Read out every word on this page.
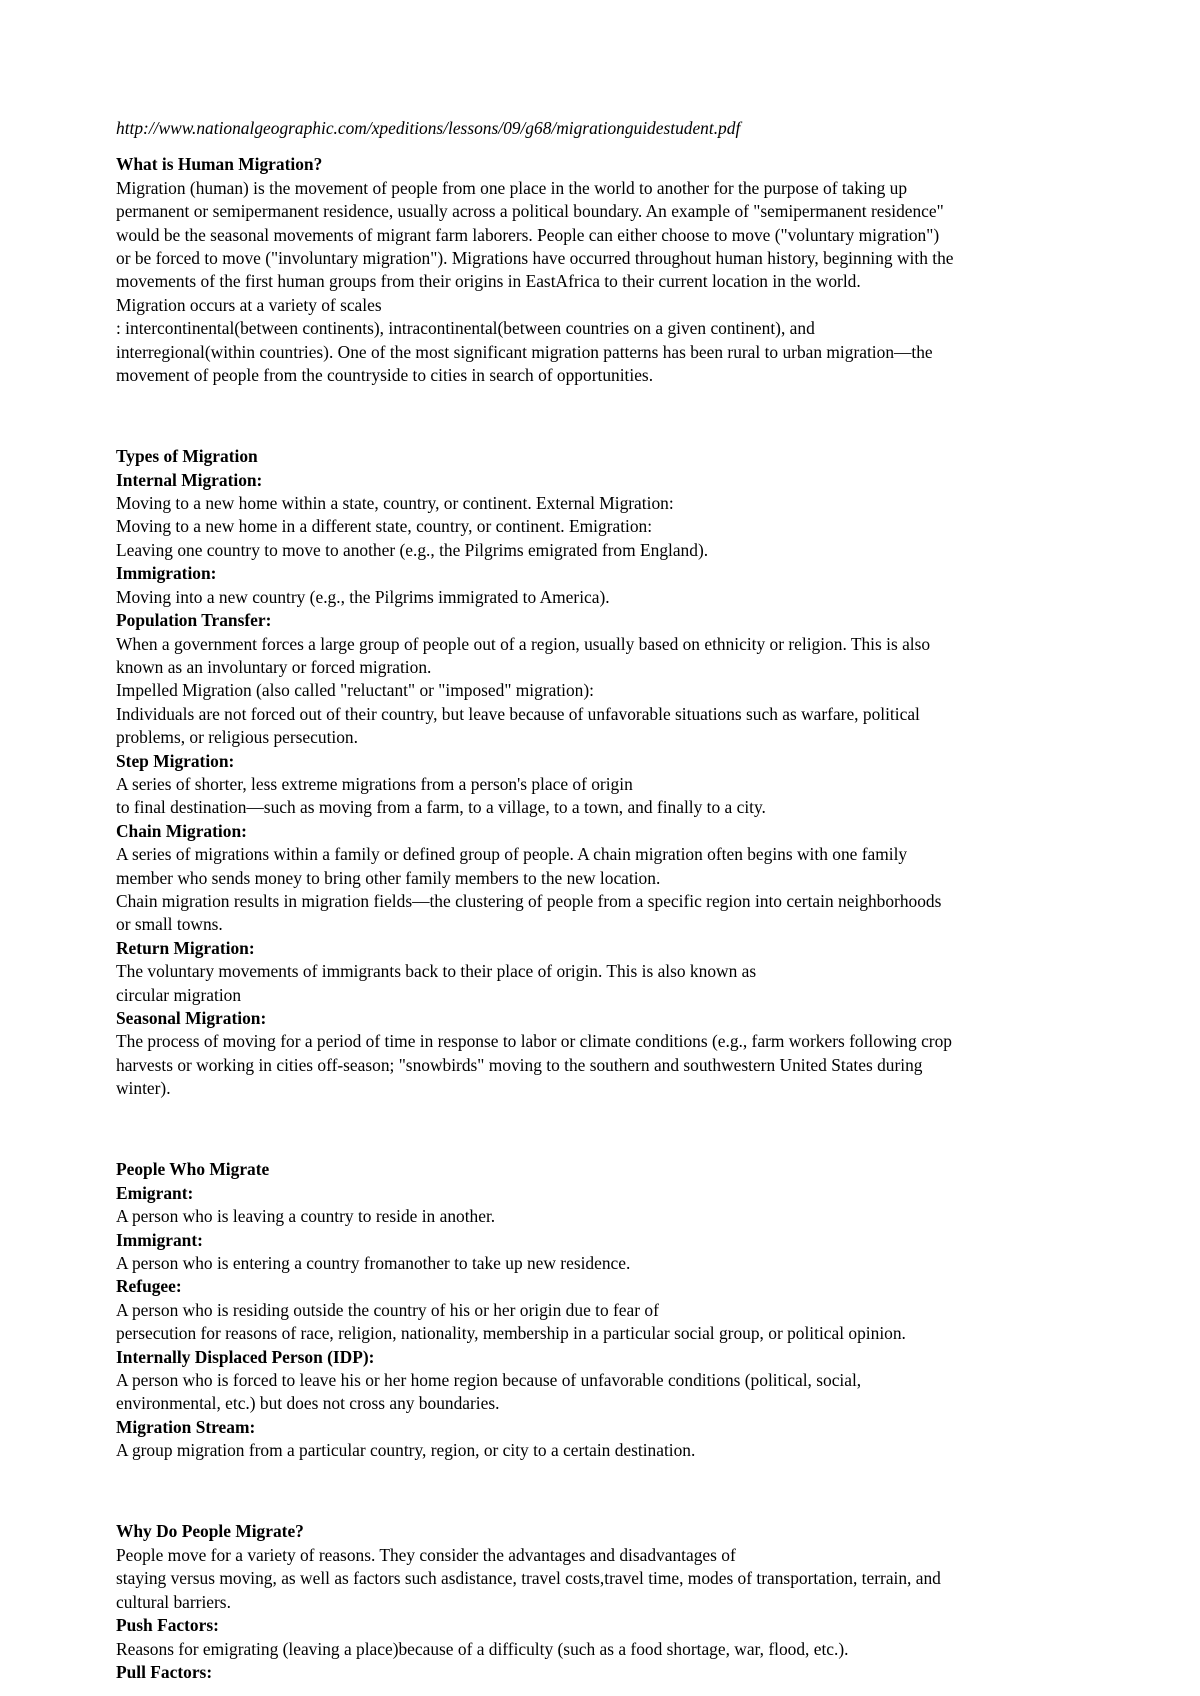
http://www.nationalgeographic.com/xpeditions/lessons/09/g68/migrationguidestudent.pdf

What is Human Migration?

Migration (human) is the movement of people from one place in the world to another for the purpose of taking up

permanent or semipermanent residence, usually across a political boundary. An example of "semipermanent residence"

would be the seasonal movements of migrant farm laborers. People can either choose to move ("voluntary migration")

or be forced to move ("involuntary migration"). Migrations have occurred throughout human history, beginning with the

movements of the first human groups from their origins in EastAfrica to their current location in the world.

Migration occurs at a variety of scales

: intercontinental(between continents), intracontinental(between countries on a given continent), and

interregional(within countries). One of the most significant migration patterns has been rural to urban migration—the

movement of people from the countryside to cities in search of opportunities.

Types of Migration

Internal Migration:

Moving to a new home within a state, country, or continent. External Migration:

Moving to a new home in a different state, country, or continent. Emigration:

Leaving one country to move to another (e.g., the Pilgrims emigrated from England).

Immigration:

Moving into a new country (e.g., the Pilgrims immigrated to America).

Population Transfer:

When a government forces a large group of people out of a region, usually based on ethnicity or religion. This is also

known as an involuntary or forced migration.

Impelled Migration (also called "reluctant" or "imposed" migration):

Individuals are not forced out of their country, but leave because of unfavorable situations such as warfare, political

problems, or religious persecution.

Step Migration:

A series of shorter, less extreme migrations from a person's place of origin

to final destination—such as moving from a farm, to a village, to a town, and finally to a city.

Chain Migration:

A series of migrations within a family or defined group of people. A chain migration often begins with one family

member who sends money to bring other family members to the new location.

Chain migration results in migration fields—the clustering of people from a specific region into certain neighborhoods

or small towns.

Return Migration:

The voluntary movements of immigrants back to their place of origin. This is also known as

circular migration

Seasonal Migration:

The process of moving for a period of time in response to labor or climate conditions (e.g., farm workers following crop

harvests or working in cities off-season; "snowbirds" moving to the southern and southwestern United States during

winter).

People Who Migrate

Emigrant:

A person who is leaving a country to reside in another.

Immigrant:

A person who is entering a country fromanother to take up new residence.

Refugee:

A person who is residing outside the country of his or her origin due to fear of

persecution for reasons of race, religion, nationality, membership in a particular social group, or political opinion.

Internally Displaced Person (IDP):

A person who is forced to leave his or her home region because of unfavorable conditions (political, social,

environmental, etc.) but does not cross any boundaries.

Migration Stream:

A group migration from a particular country, region, or city to a certain destination.

Why Do People Migrate?

People move for a variety of reasons. They consider the advantages and disadvantages of

staying versus moving, as well as factors such asdistance, travel costs,travel time, modes of transportation, terrain, and

cultural barriers.

Push Factors:

Reasons for emigrating (leaving a place)because of a difficulty (such as a food shortage, war, flood, etc.).

Pull Factors:
